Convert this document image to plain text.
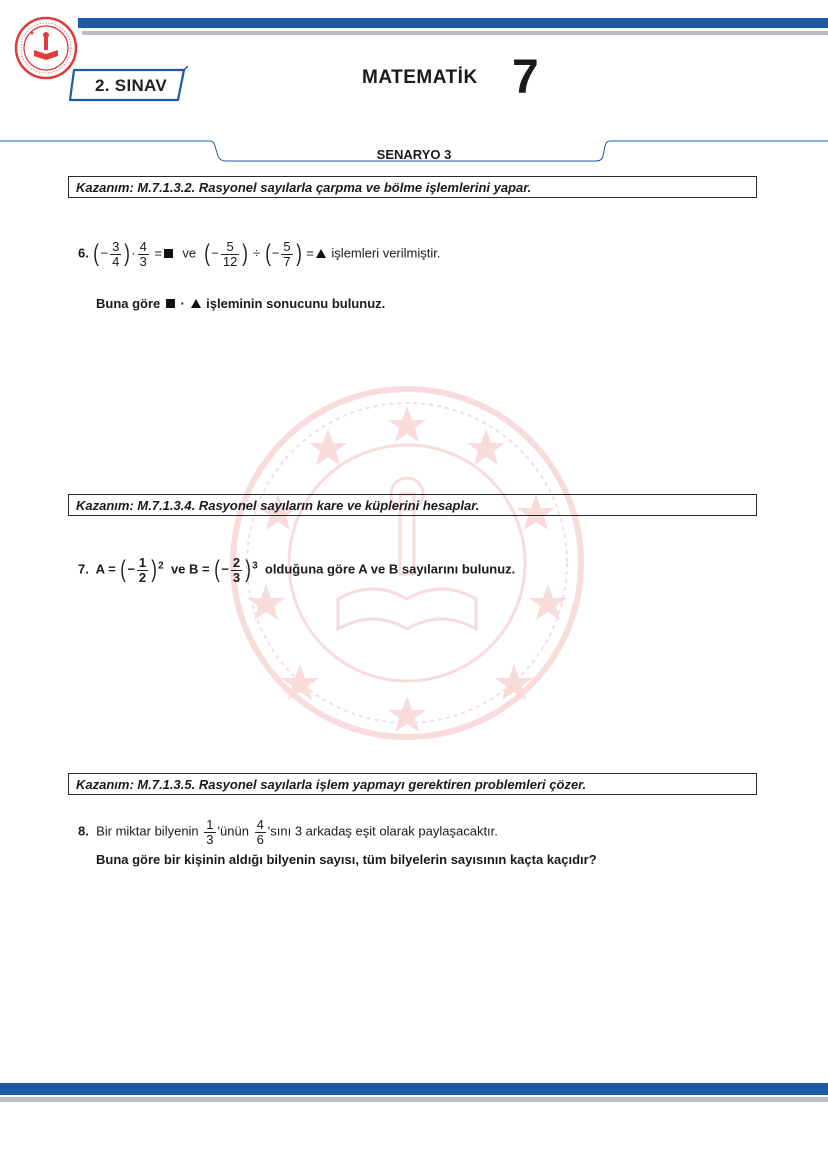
2. SINAV	MATEMATİK 7
SENARYO 3
Kazanım: M.7.1.3.2. Rasyonel sayılarla çarpma ve bölme işlemlerini yapar.
6. (− $\frac{3}{4}$ )· $\frac{4}{3}$ = ve (− $\frac{5}{12}$ ) ÷ (− $\frac{5}{7}$ ) = işlemleri verilmiştir.
Buna göre · işleminin sonucunu bulunuz.
Kazanım: M.7.1.3.4. Rasyonel sayıların kare ve küplerini hesaplar.
7. A = (− $\frac{1}{2} )^2$ ve B = (− $\frac{2}{3} )^3$ olduğuna göre A ve B sayılarını bulunuz.
Kazanım: M.7.1.3.5. Rasyonel sayılarla işlem yapmayı gerektiren problemleri çözer.
8. Bir miktar bilyenin $\frac{1}{3}$ 'ünün $\frac{4}{6}$ 'sını 3 arkadaş eşit olarak paylaşacaktır.
Buna göre bir kişinin aldığı bilyenin sayısı, tüm bilyelerin sayısının kaçta kaçıdır?
